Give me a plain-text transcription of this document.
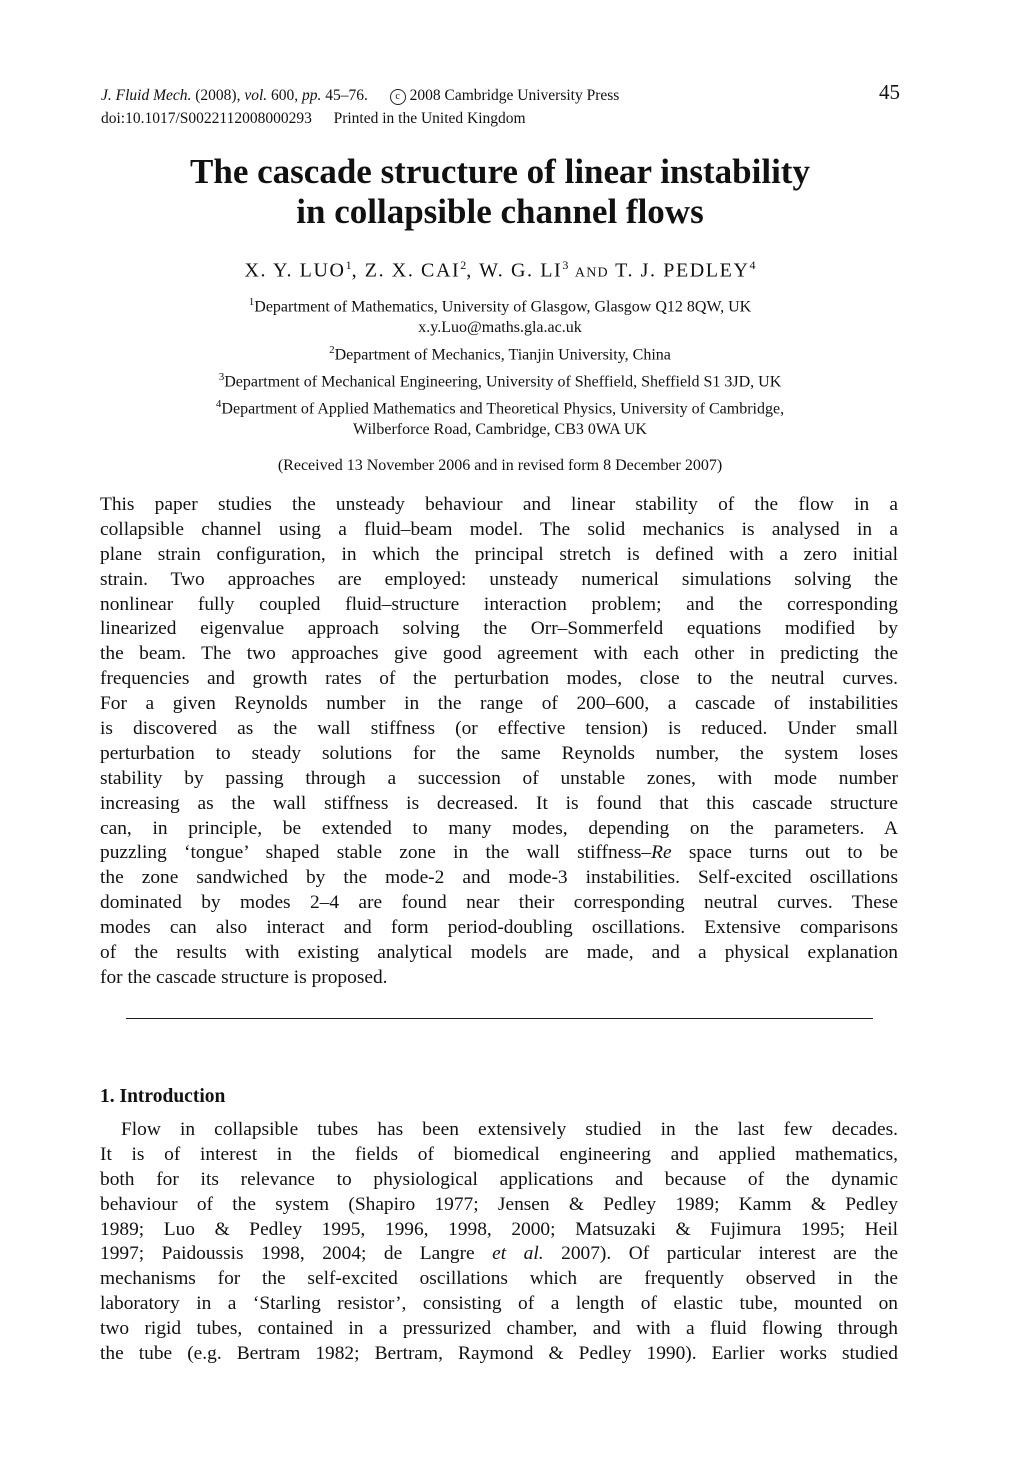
J. Fluid Mech. (2008), vol. 600, pp. 45–76.	c 2008 Cambridge University Press
doi:10.1017/S0022112008000293 Printed in the United Kingdom
45
The cascade structure of linear instability
in collapsible channel flows
X. Y. LUO$^1$, Z. X. CAI$^2$, W. G. $LI^3$ AND T. J. PEDLEY$^4$
$^1$Department of Mathematics, University of Glasgow, Glasgow Q12 8QW, UK
x.y.Luo@maths.gla.ac.uk
$^2$Department of Mechanics, Tianjin University, China
$^3$Department of Mechanical Engineering, University of Sheffield, Sheffield S1 3JD, UK
$^4$Department of Applied Mathematics and Theoretical Physics, University of Cambridge,
Wilberforce Road, Cambridge, CB3 0WA UK
(Received 13 November 2006 and in revised form 8 December 2007)
This paper studies the unsteady behaviour and linear stability of the flow in a
collapsible channel using a fluid–beam model. The solid mechanics is analysed in a
plane strain configuration, in which the principal stretch is defined with a zero initial
strain. Two approaches are employed: unsteady numerical simulations solving the
nonlinear fully coupled fluid–structure interaction problem; and the corresponding
linearized eigenvalue approach solving the Orr–Sommerfeld equations modified by
the beam. The two approaches give good agreement with each other in predicting the
frequencies and growth rates of the perturbation modes, close to the neutral curves.
For a given Reynolds number in the range of 200–600, a cascade of instabilities
is discovered as the wall stiffness (or effective tension) is reduced. Under small
perturbation to steady solutions for the same Reynolds number, the system loses
stability by passing through a succession of unstable zones, with mode number
increasing as the wall stiffness is decreased. It is found that this cascade structure
can, in principle, be extended to many modes, depending on the parameters. A
puzzling ‘tongue’ shaped stable zone in the wall stiffness–Re space turns out to be
the zone sandwiched by the mode-2 and mode-3 instabilities. Self-excited oscillations
dominated by modes 2–4 are found near their corresponding neutral curves. These
modes can also interact and form period-doubling oscillations. Extensive comparisons
of the results with existing analytical models are made, and a physical explanation
for the cascade structure is proposed.
1. Introduction
Flow in collapsible tubes has been extensively studied in the last few decades.
It is of interest in the fields of biomedical engineering and applied mathematics,
both for its relevance to physiological applications and because of the dynamic
behaviour of the system (Shapiro 1977; Jensen & Pedley 1989; Kamm & Pedley
1989; Luo & Pedley 1995, 1996, 1998, 2000; Matsuzaki & Fujimura 1995; Heil
1997; Paidoussis 1998, 2004; de Langre et al. 2007). Of particular interest are the
mechanisms for the self-excited oscillations which are frequently observed in the
laboratory in a ‘Starling resistor’, consisting of a length of elastic tube, mounted on
two rigid tubes, contained in a pressurized chamber, and with a fluid flowing through
the tube (e.g. Bertram 1982; Bertram, Raymond & Pedley 1990). Earlier works studied
